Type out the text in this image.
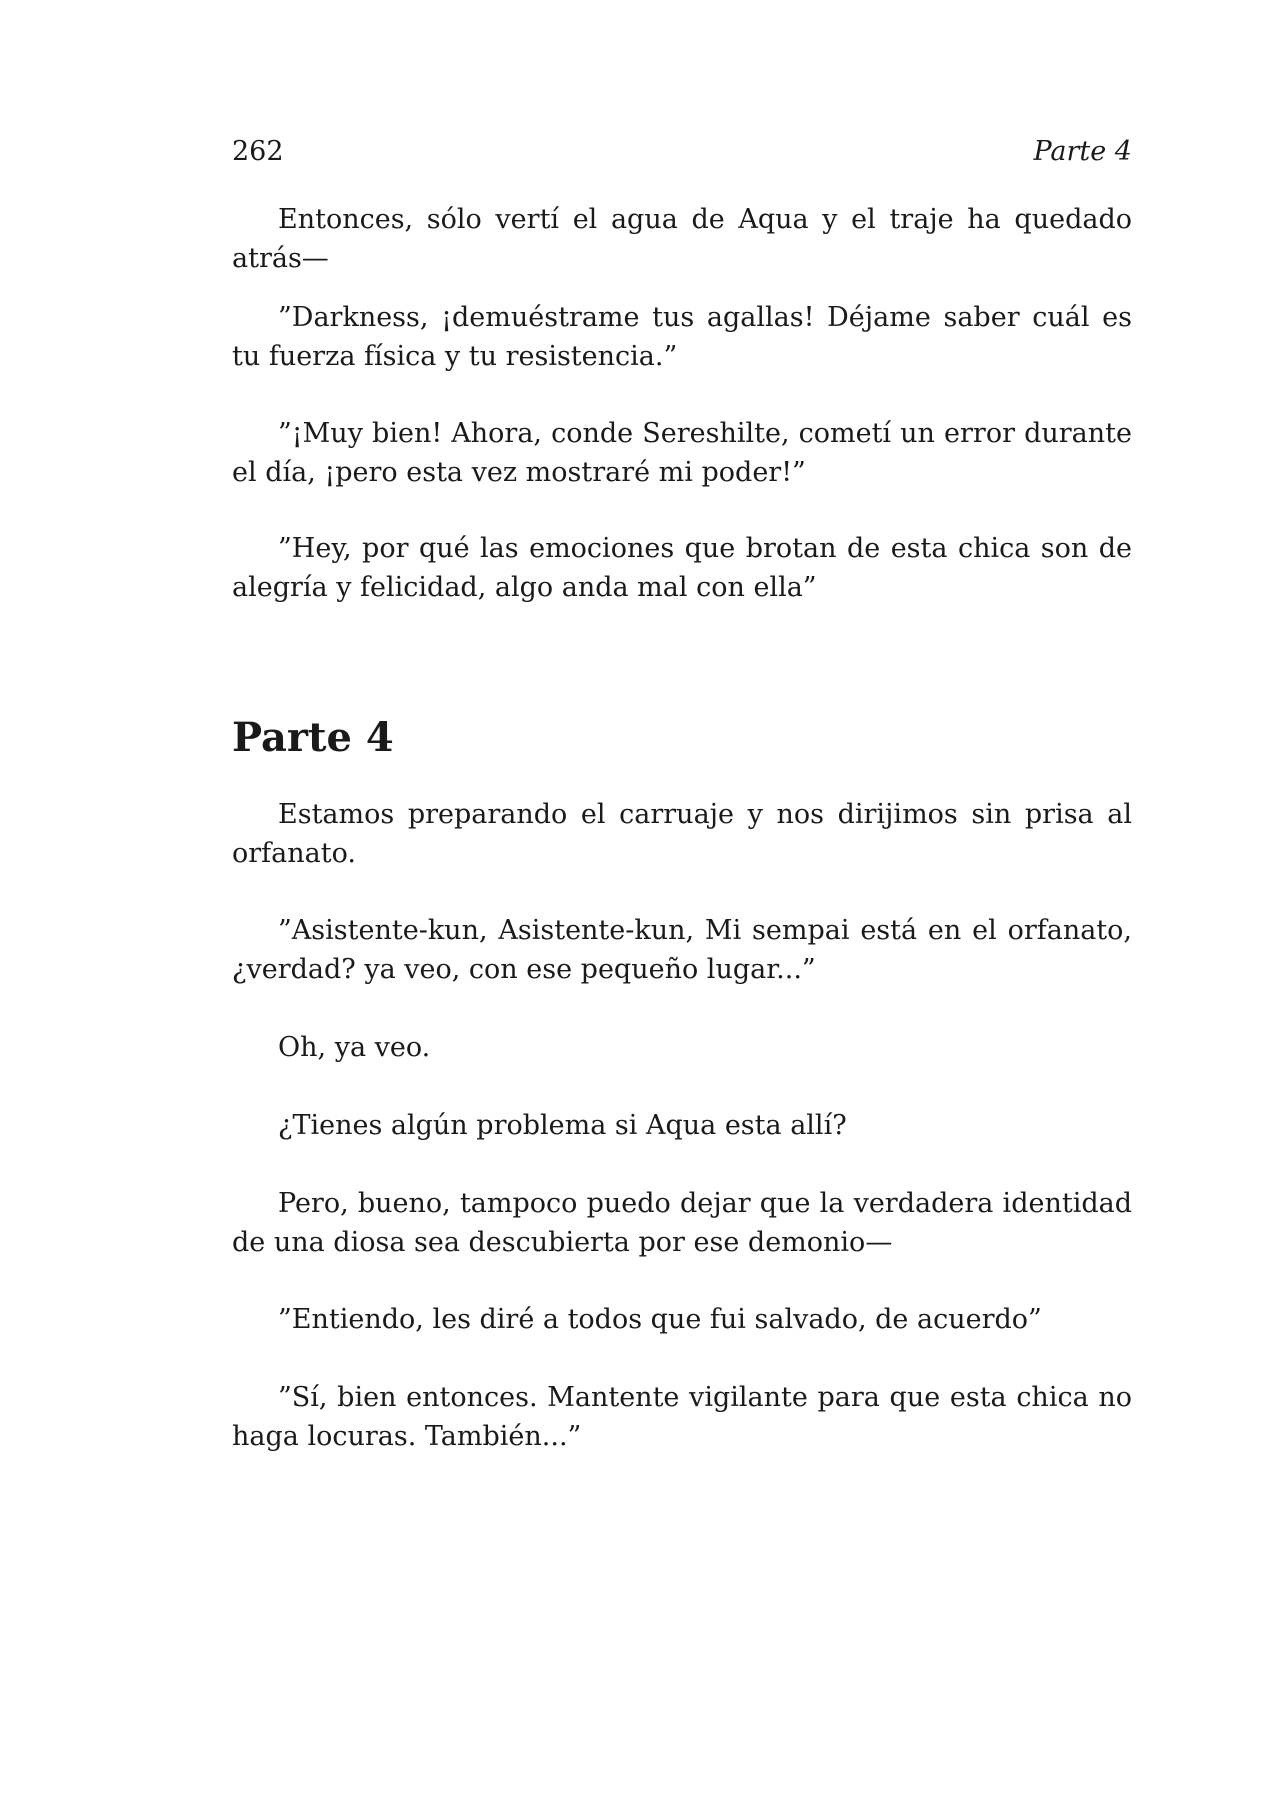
262	Parte 4

Entonces, sólo vertí el agua de Aqua y el traje ha quedado atrás—

”Darkness, ¡demuéstrame tus agallas! Déjame saber cuál es tu fuerza física y tu resistencia.”

”¡Muy bien! Ahora, conde Sereshilte, cometí un error durante el día, ¡pero esta vez mostraré mi poder!”

”Hey, por qué las emociones que brotan de esta chica son de alegría y felicidad, algo anda mal con ella”

Parte 4

Estamos preparando el carruaje y nos dirijimos sin prisa al orfanato.

”Asistente-kun, Asistente-kun, Mi sempai está en el orfanato, ¿verdad? ya veo, con ese pequeño lugar...”

Oh, ya veo.

¿Tienes algún problema si Aqua esta allí?

Pero, bueno, tampoco puedo dejar que la verdadera identidad de una diosa sea descubierta por ese demonio—

”Entiendo, les diré a todos que fui salvado, de acuerdo”

”Sí, bien entonces. Mantente vigilante para que esta chica no haga locuras. También...”
